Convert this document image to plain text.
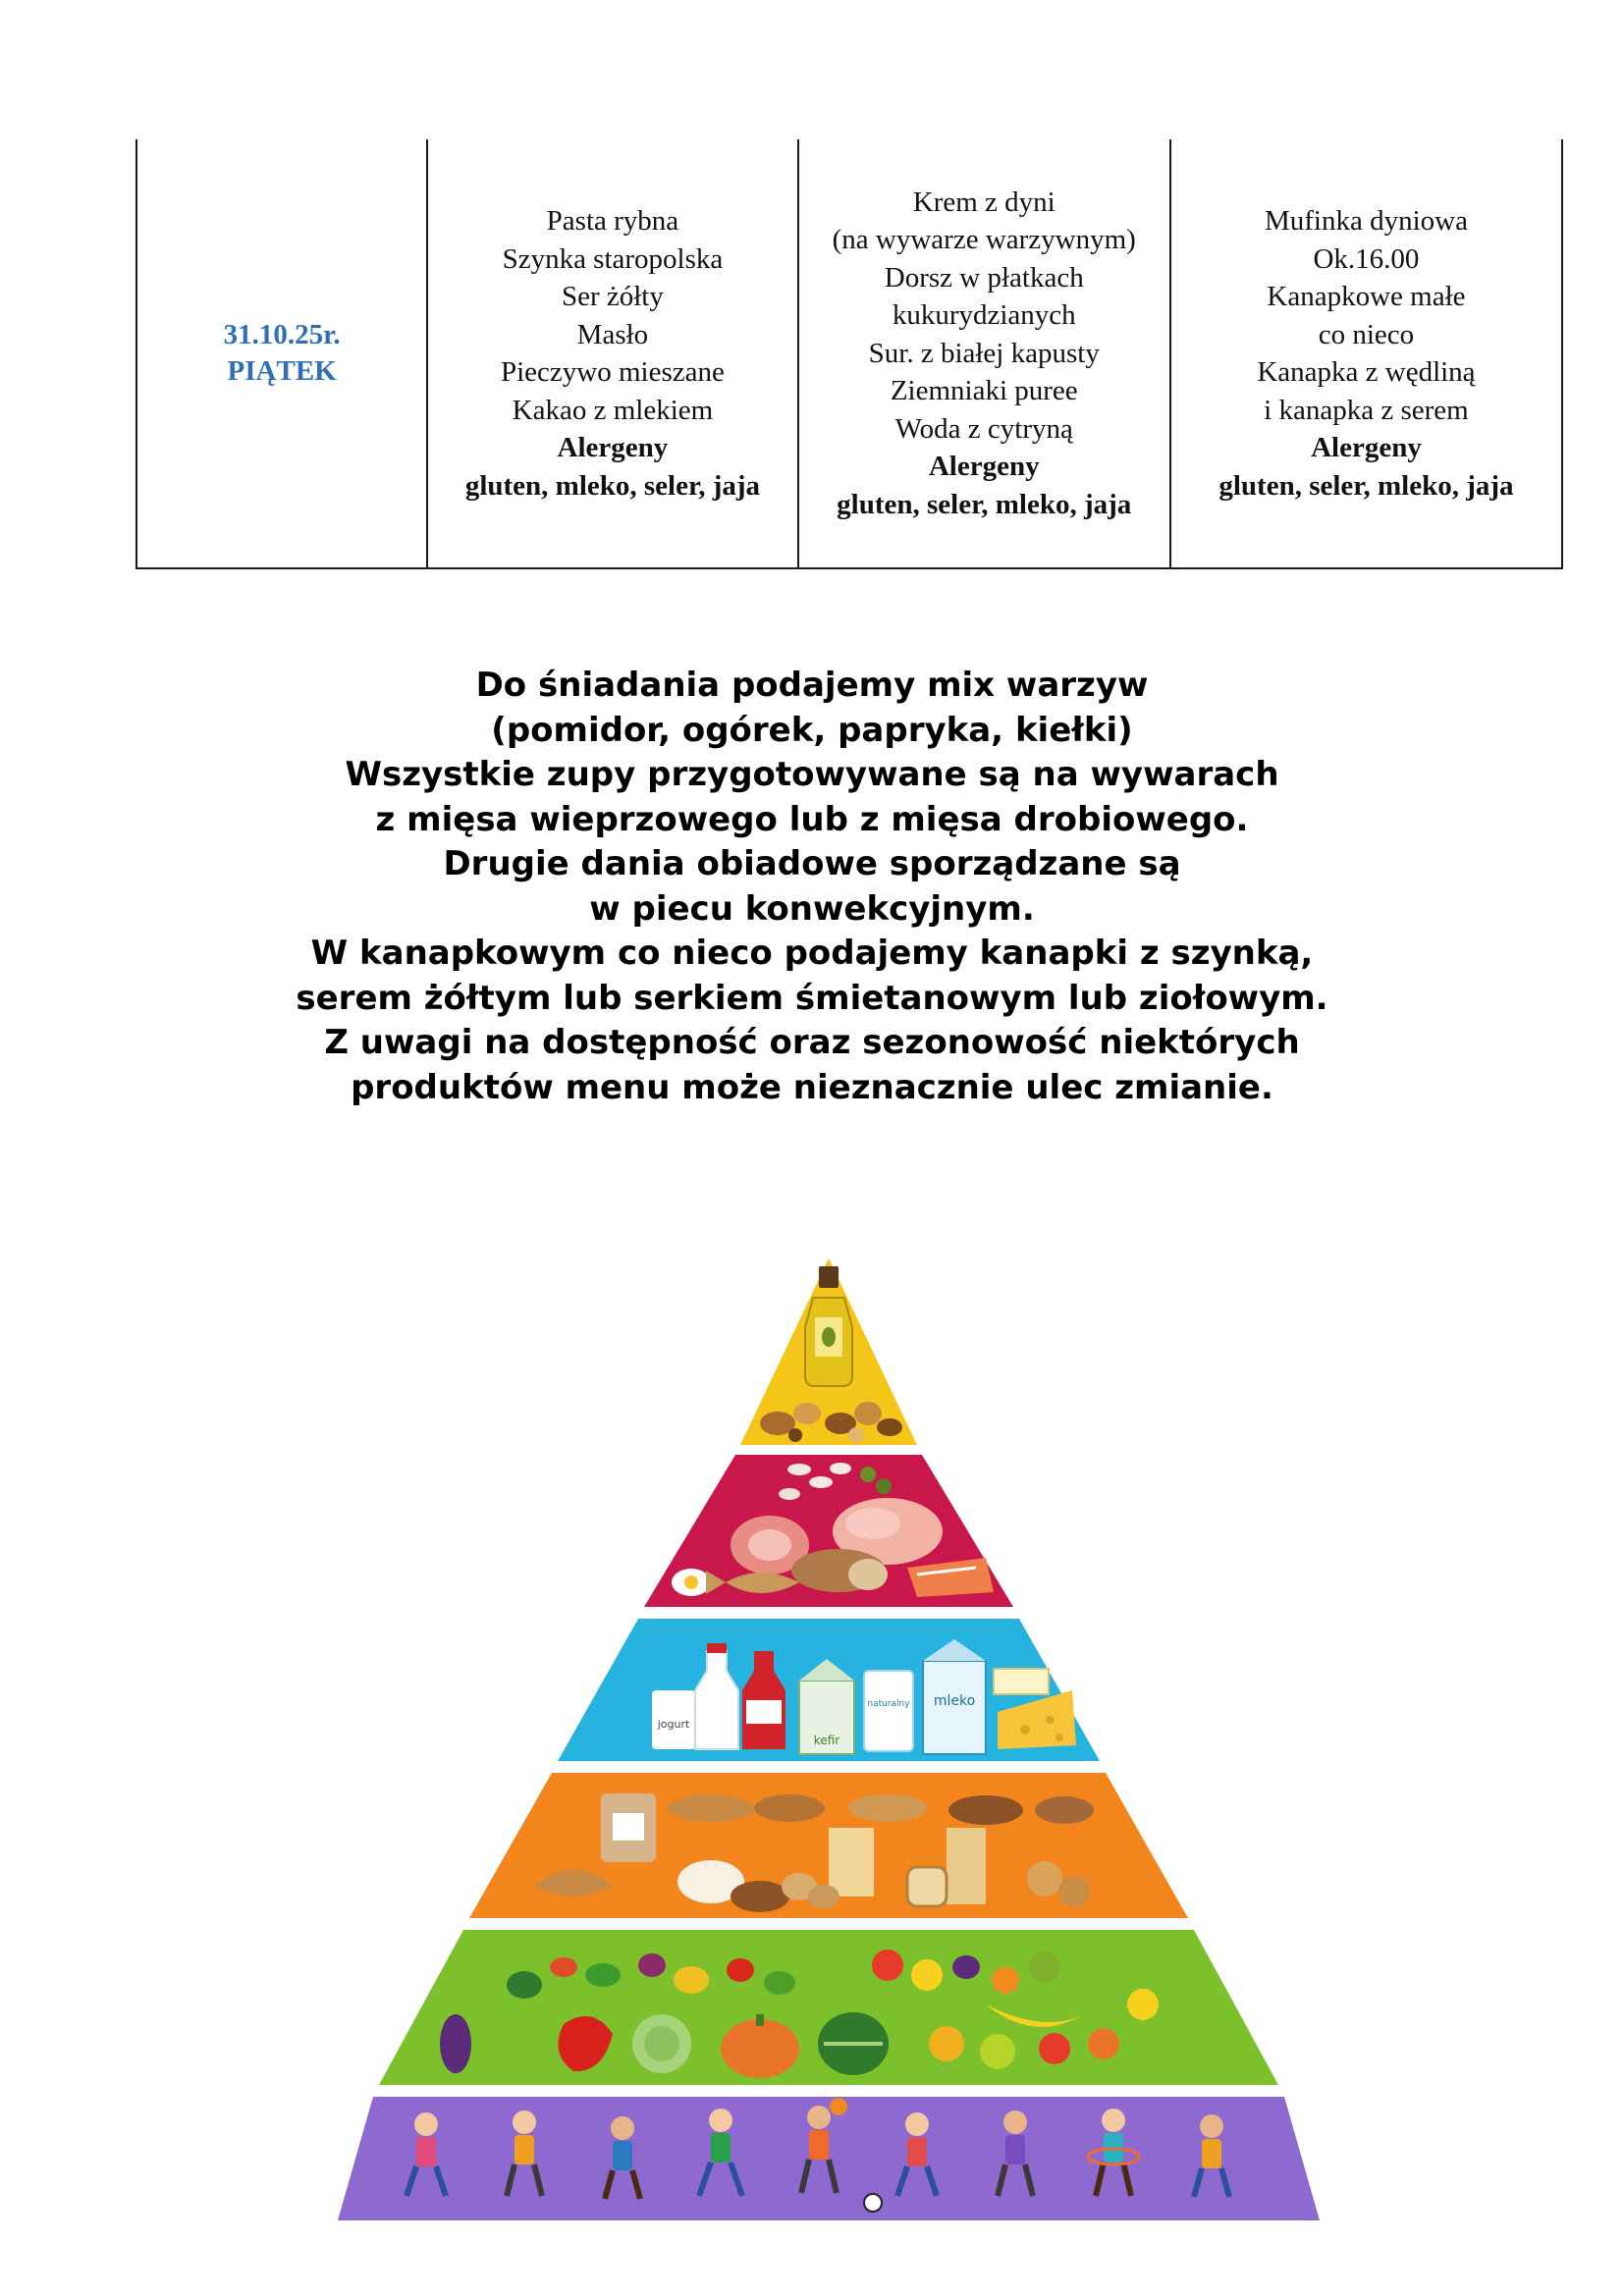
31.10.25r.
PIĄTEK

Pasta rybna
Szynka staropolska
Ser żółty
Masło
Pieczywo mieszane
Kakao z mlekiem
Alergeny
gluten, mleko, seler, jaja

Krem z dyni
(na wywarze warzywnym)
Dorsz w płatkach
kukurydzianych
Sur. z białej kapusty
Ziemniaki puree
Woda z cytryną
Alergeny
gluten, seler, mleko, jaja

Mufinka dyniowa
Ok.16.00
Kanapkowe małe
co nieco
Kanapka z wędliną
i kanapka z serem
Alergeny
gluten, seler, mleko, jaja

Do śniadania podajemy mix warzyw

(pomidor, ogórek, papryka, kiełki)

Wszystkie zupy przygotowywane są na wywarach

z mięsa wieprzowego lub z mięsa drobiowego.

Drugie dania obiadowe sporządzane są

w piecu konwekcyjnym.

W kanapkowym co nieco podajemy kanapki z szynką,

serem żółtym lub serkiem śmietanowym lub ziołowym.

Z uwagi na dostępność oraz sezonowość niektórych

produktów menu może nieznacznie ulec zmianie.

jogurt
kefir
naturalny mleko
